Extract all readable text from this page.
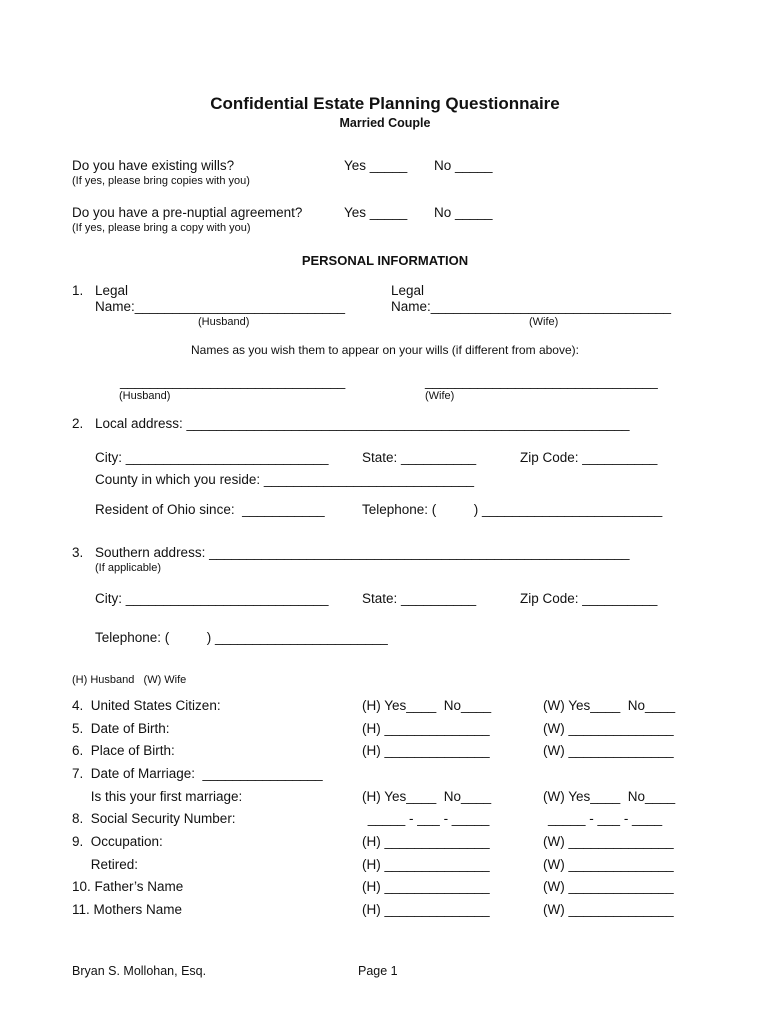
Confidential Estate Planning Questionnaire
Married Couple
Do you have existing wills?	Yes _____ No _____
(If yes, please bring copies with you)
Do you have a pre-nuptial agreement?	Yes _____ No _____
(If yes, please bring a copy with you)
PERSONAL INFORMATION
1. Legal
Name:____________________________
(Husband)
Legal
Name:________________________________
(Wife)
Names as you wish them to appear on your wills (if different from above):
______________________________
(Husband)
_______________________________
(Wife)
2. Local address: ___________________________________________________________
City: ___________________________ State: __________	Zip Code: __________
County in which you reside: ____________________________
Resident of Ohio since:  ___________	Telephone: (          ) ________________________
3. Southern address: ________________________________________________________
(If applicable)
City: ___________________________ State: __________	Zip Code: __________
Telephone: (          ) _______________________
(H) Husband   (W) Wife
4.  United States Citizen:	(H) Yes____  No____	(W) Yes____  No____
5.  Date of Birth:	(H) ______________	(W) ______________
6.  Place of Birth:	(H) ______________	(W) ______________
7.  Date of Marriage:  ________________
Is this your first marriage:	(H) Yes____  No____	(W) Yes____  No____
8.  Social Security Number:	_____ - ___ - _____	_____ - ___ - ____
9.  Occupation:	(H) ______________	(W) ______________
Retired:	(H) ______________	(W) ______________
10. Father’s Name	(H) ______________	(W) ______________
11. Mothers Name	(H) ______________	(W) ______________
Bryan S. Mollohan, Esq.	Page 1
